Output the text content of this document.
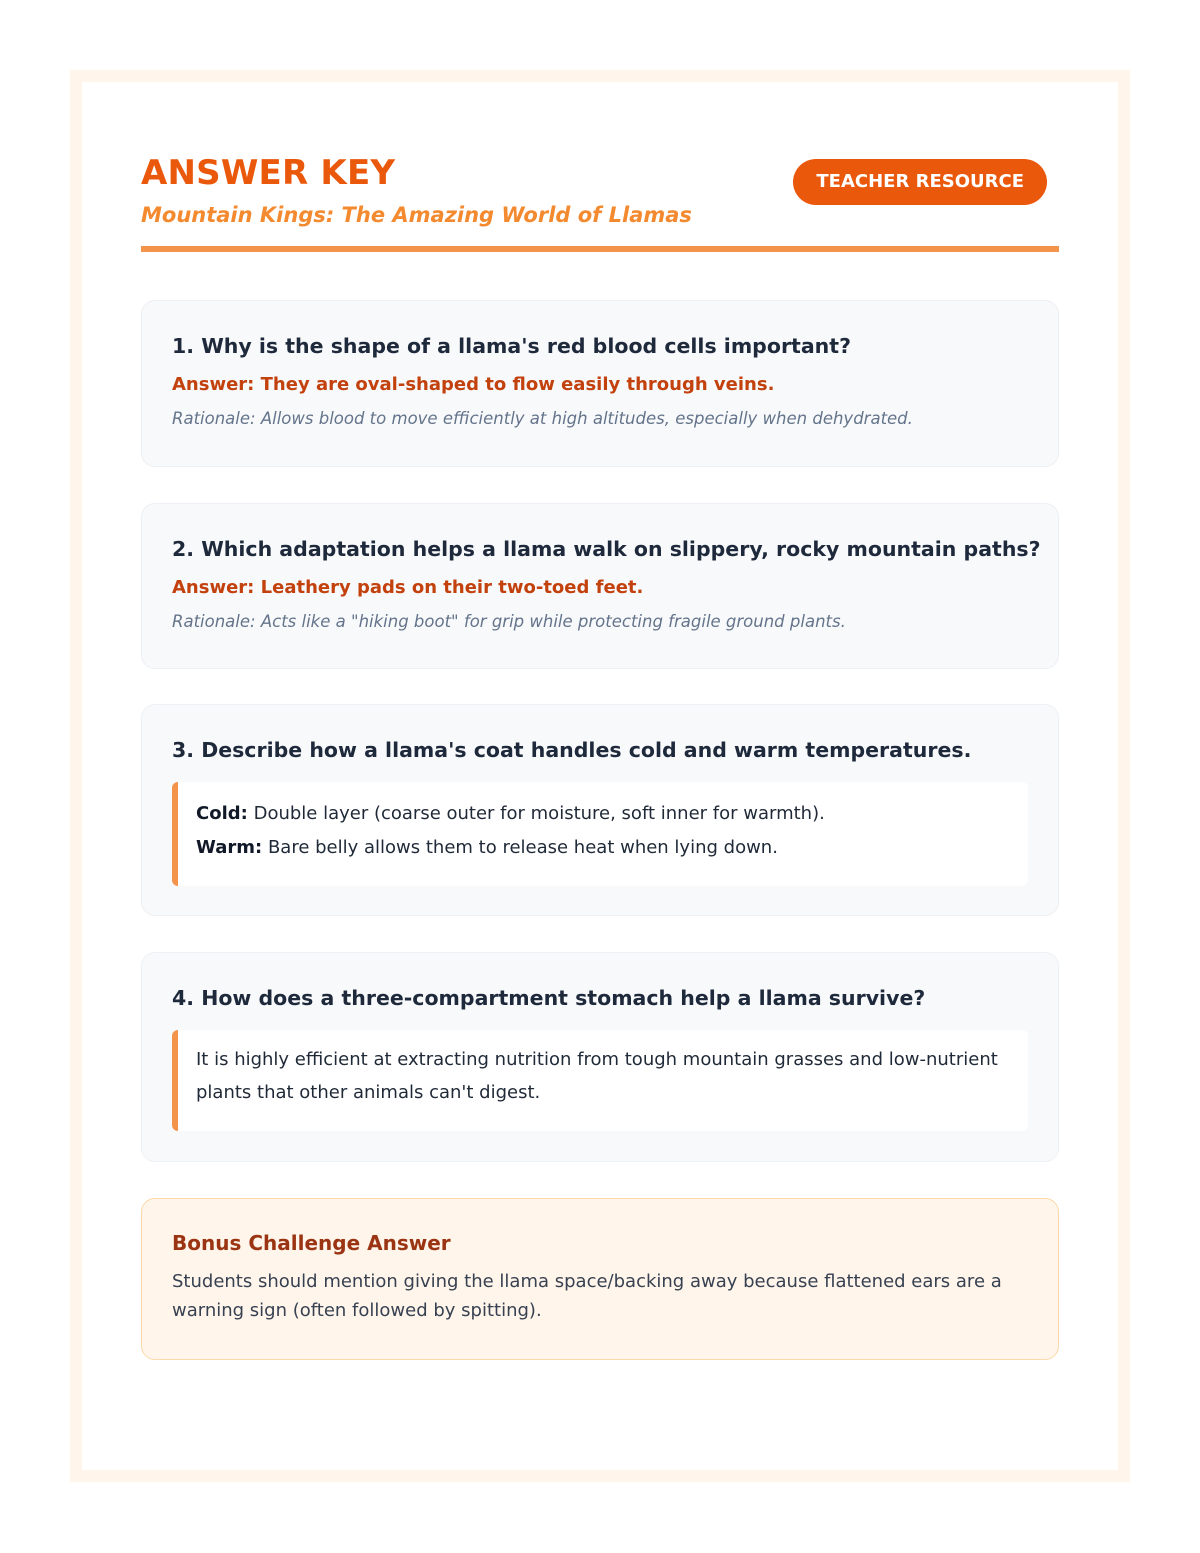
ANSWER KEY
Mountain Kings: The Amazing World of Llamas
TEACHER RESOURCE

1. Why is the shape of a llama's red blood cells important?

Answer: They are oval-shaped to flow easily through veins.

Rationale: Allows blood to move efficiently at high altitudes, especially when dehydrated.

2. Which adaptation helps a llama walk on slippery, rocky mountain paths?

Answer: Leathery pads on their two-toed feet.

Rationale: Acts like a "hiking boot" for grip while protecting fragile ground plants.

3. Describe how a llama's coat handles cold and warm temperatures.

Cold: Double layer (coarse outer for moisture, soft inner for warmth).

Warm: Bare belly allows them to release heat when lying down.

4. How does a three-compartment stomach help a llama survive?

It is highly efficient at extracting nutrition from tough mountain grasses and low-nutrient

plants that other animals can't digest.

Bonus Challenge Answer

Students should mention giving the llama space/backing away because flattened ears are a

warning sign (often followed by spitting).
